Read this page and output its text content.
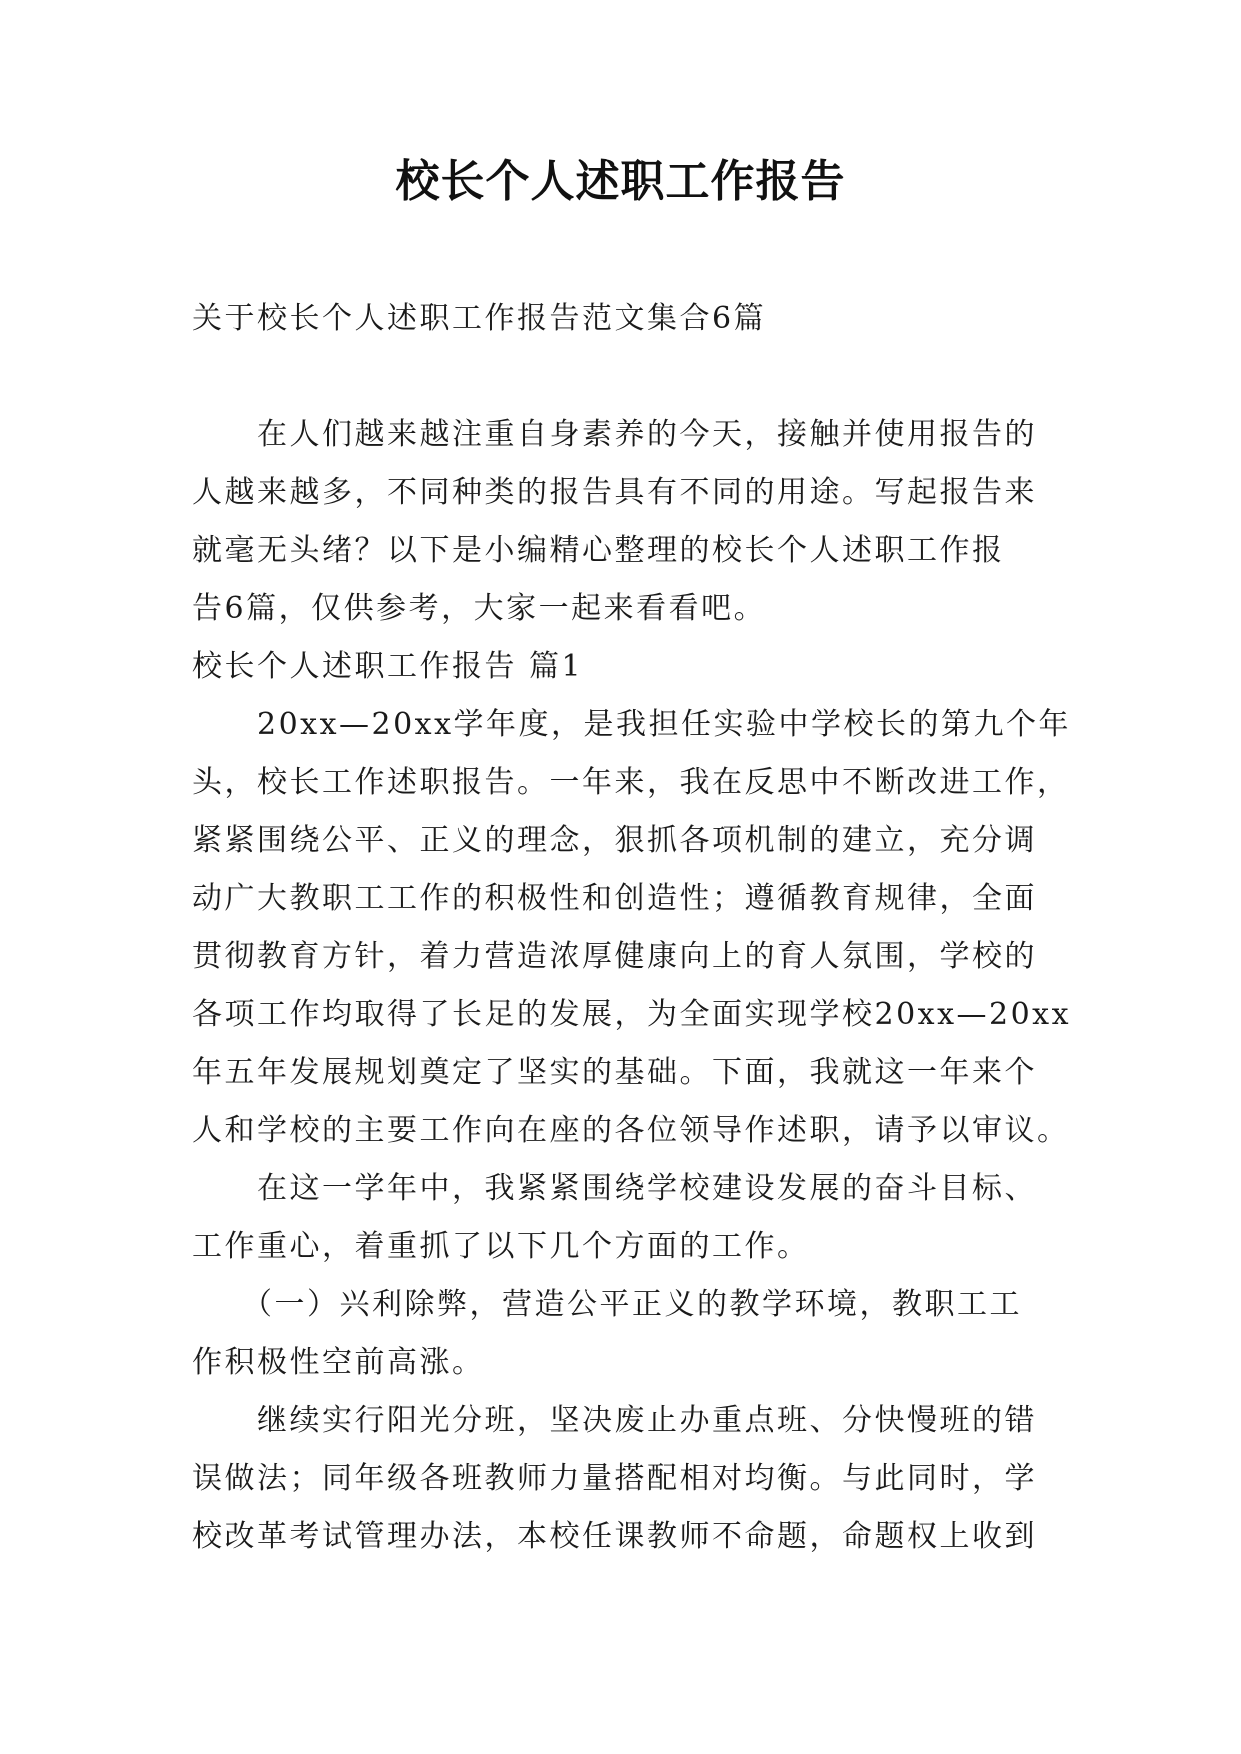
校长个人述职工作报告
关于校长个人述职工作报告范文集合6篇
　　在人们越来越注重自身素养的今天，接触并使用报告的
人越来越多，不同种类的报告具有不同的用途。写起报告来
就毫无头绪？以下是小编精心整理的校长个人述职工作报
告6篇，仅供参考，大家一起来看看吧。
校长个人述职工作报告 篇1
　　20xx—20xx学年度，是我担任实验中学校长的第九个年
头，校长工作述职报告。一年来，我在反思中不断改进工作，
紧紧围绕公平、正义的理念，狠抓各项机制的建立，充分调
动广大教职工工作的积极性和创造性；遵循教育规律，全面
贯彻教育方针，着力营造浓厚健康向上的育人氛围，学校的
各项工作均取得了长足的发展，为全面实现学校20xx—20xx
年五年发展规划奠定了坚实的基础。下面，我就这一年来个
人和学校的主要工作向在座的各位领导作述职，请予以审议。
　　在这一学年中，我紧紧围绕学校建设发展的奋斗目标、
工作重心，着重抓了以下几个方面的工作。
　　（一）兴利除弊，营造公平正义的教学环境，教职工工
作积极性空前高涨。
　　继续实行阳光分班，坚决废止办重点班、分快慢班的错
误做法；同年级各班教师力量搭配相对均衡。与此同时，学
校改革考试管理办法，本校任课教师不命题，命题权上收到
